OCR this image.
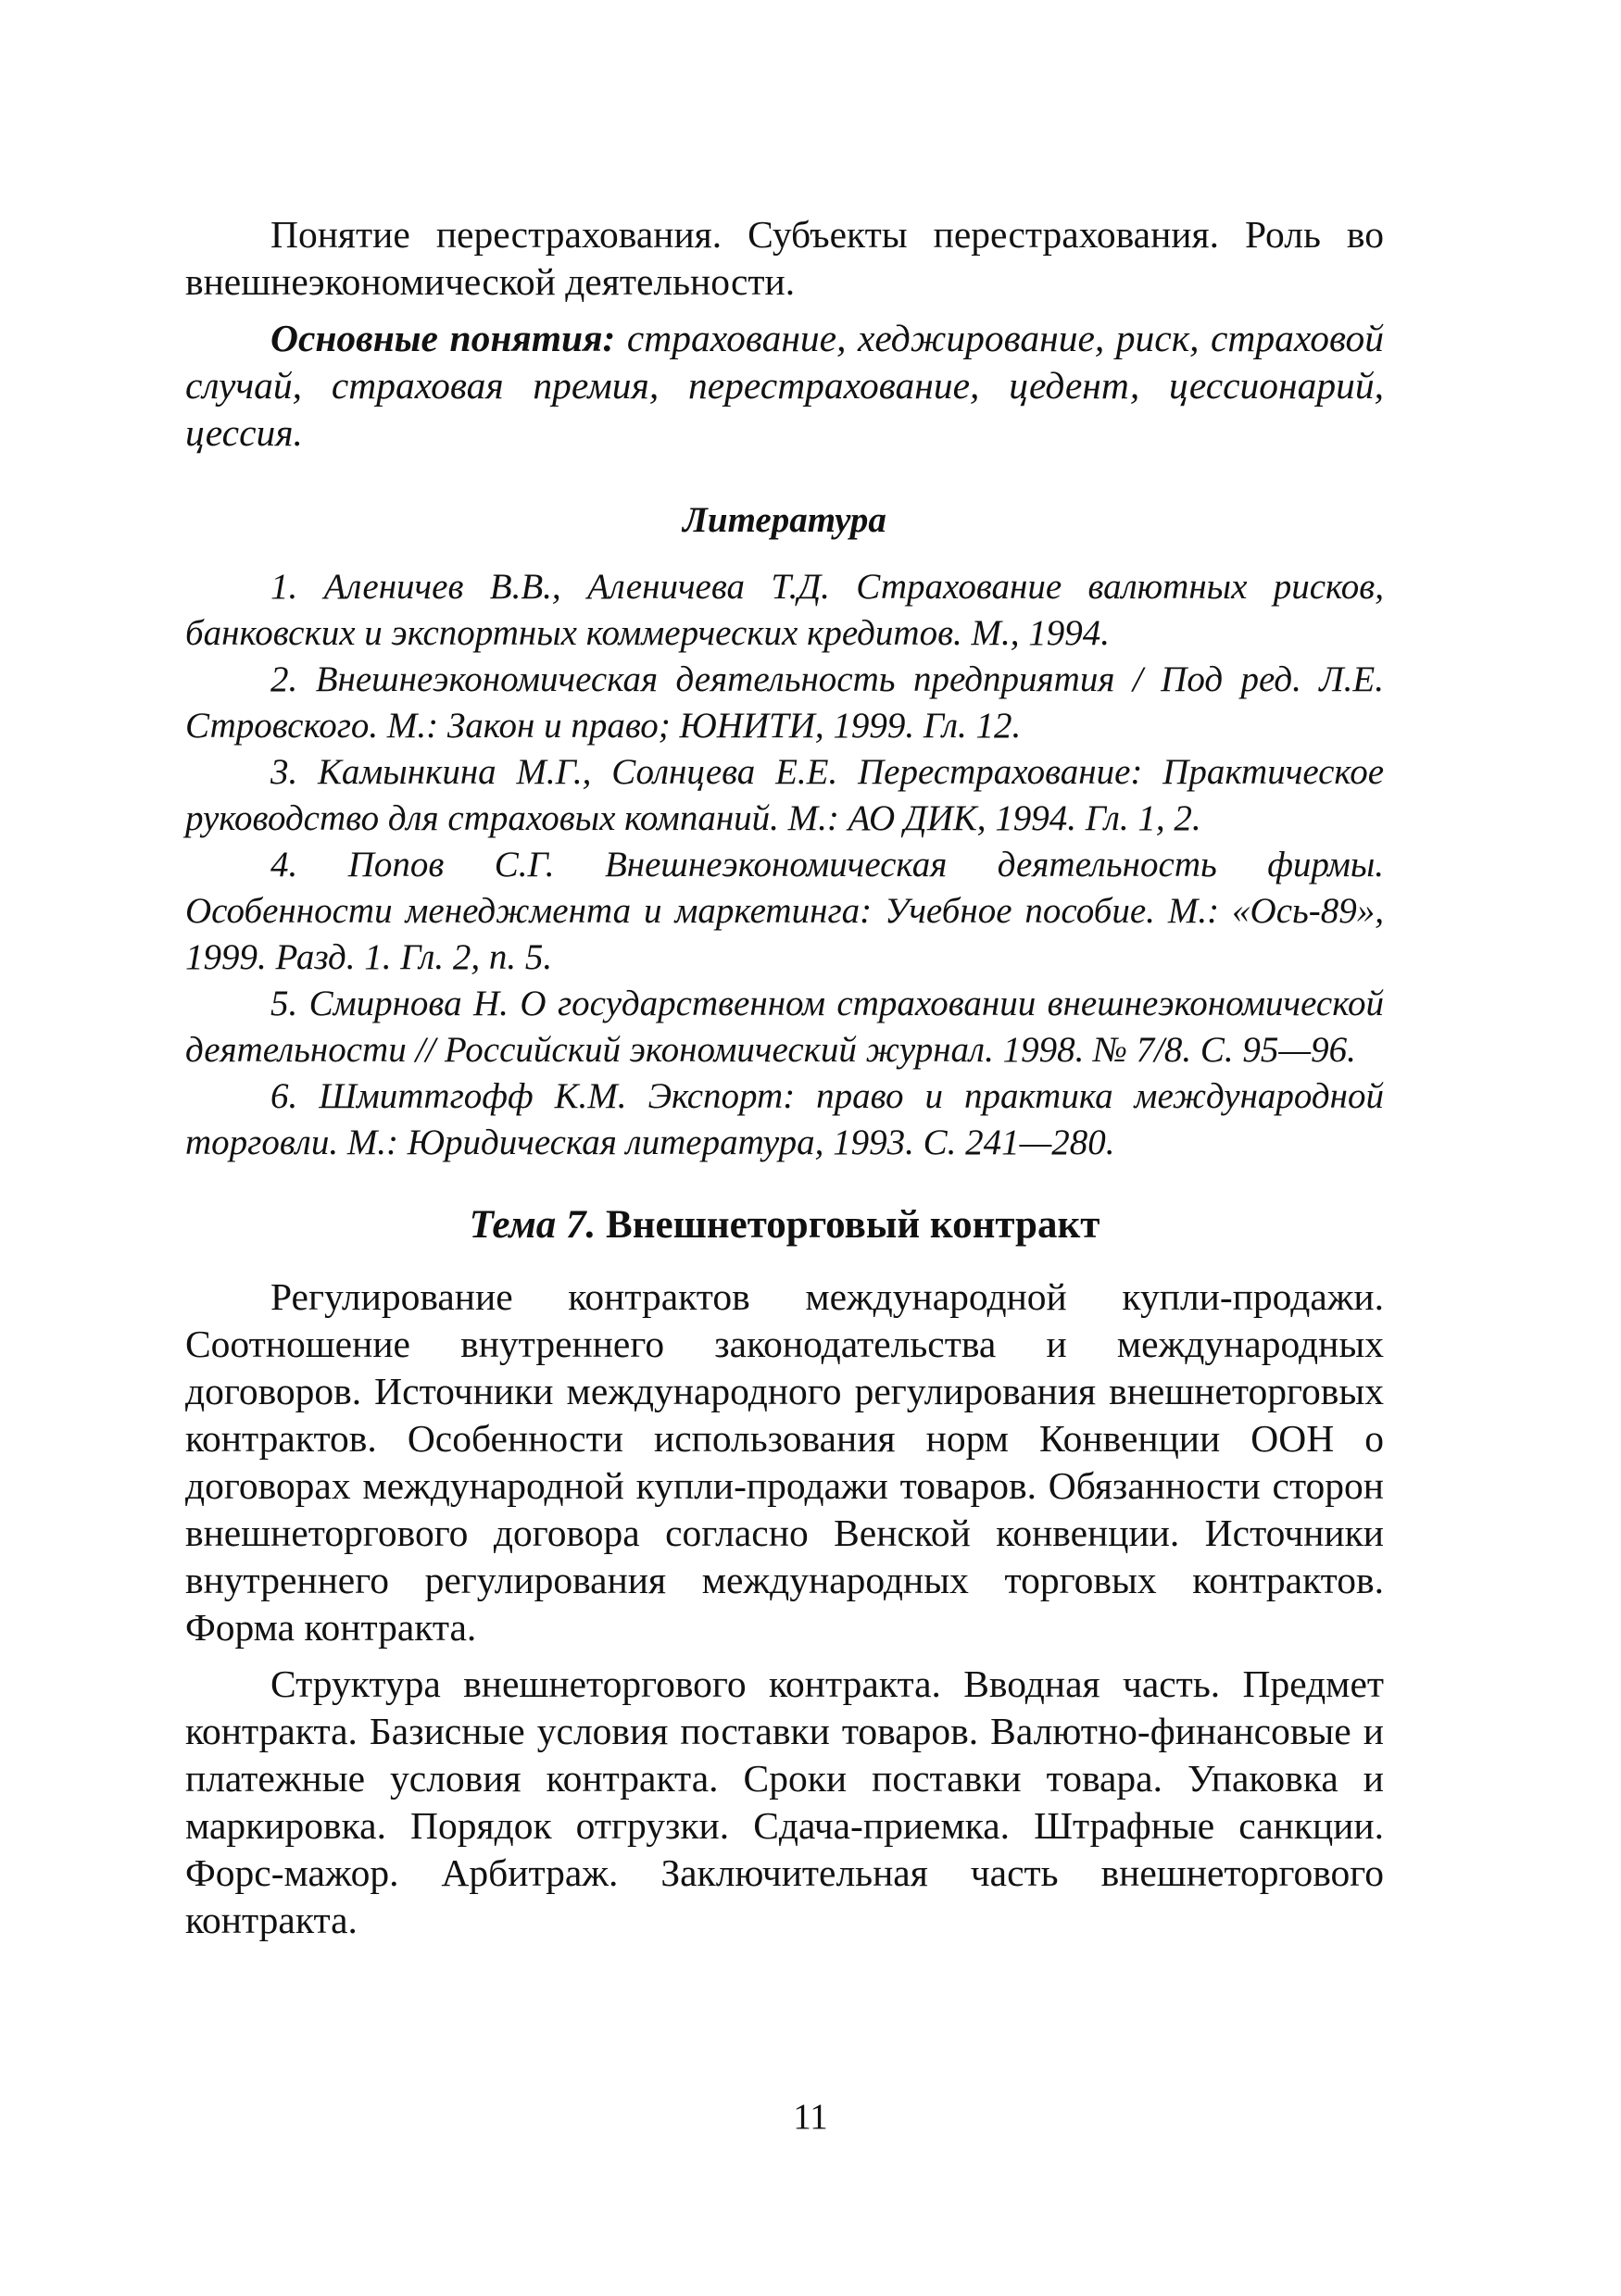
Понятие перестрахования. Субъекты перестрахования. Роль во внешнеэкономической деятельности.

Основные понятия: страхование, хеджирование, риск, страховой случай, страховая премия, перестрахование, цедент, цессионарий, цессия.

Литература

1. Аленичев В.В., Аленичева Т.Д. Страхование валютных рисков, банковских и экспортных коммерческих кредитов. М., 1994.

2. Внешнеэкономическая деятельность предприятия / Под ред. Л.Е. Стровского. М.: Закон и право; ЮНИТИ, 1999. Гл. 12.

3. Камынкина М.Г., Солнцева Е.Е. Перестрахование: Практическое руководство для страховых компаний. М.: АО ДИК, 1994. Гл. 1, 2.

4. Попов С.Г. Внешнеэкономическая деятельность фирмы. Особенности менеджмента и маркетинга: Учебное пособие. М.: «Ось-89», 1999. Разд. 1. Гл. 2, п. 5.

5. Смирнова Н. О государственном страховании внешнеэкономической деятельности // Российский экономический журнал. 1998. № 7/8. С. 95—96.

6. Шмиттгофф К.М. Экспорт: право и практика международной торговли. М.: Юридическая литература, 1993. С. 241—280.

Тема 7. Внешнеторговый контракт

Регулирование контрактов международной купли-продажи. Соотношение внутреннего законодательства и международных договоров. Источники международного регулирования внешнеторговых контрактов. Особенности использования норм Конвенции ООН о договорах международной купли-продажи товаров. Обязанности сторон внешнеторгового договора согласно Венской конвенции. Источники внутреннего регулирования международных торговых контрактов. Форма контракта.

Структура внешнеторгового контракта. Вводная часть. Предмет контракта. Базисные условия поставки товаров. Валютно-финансовые и платежные условия контракта. Сроки поставки товара. Упаковка и маркировка. Порядок отгрузки. Сдача-приемка. Штрафные санкции. Форс-мажор. Арбитраж. Заключительная часть внешнеторгового контракта.

11
